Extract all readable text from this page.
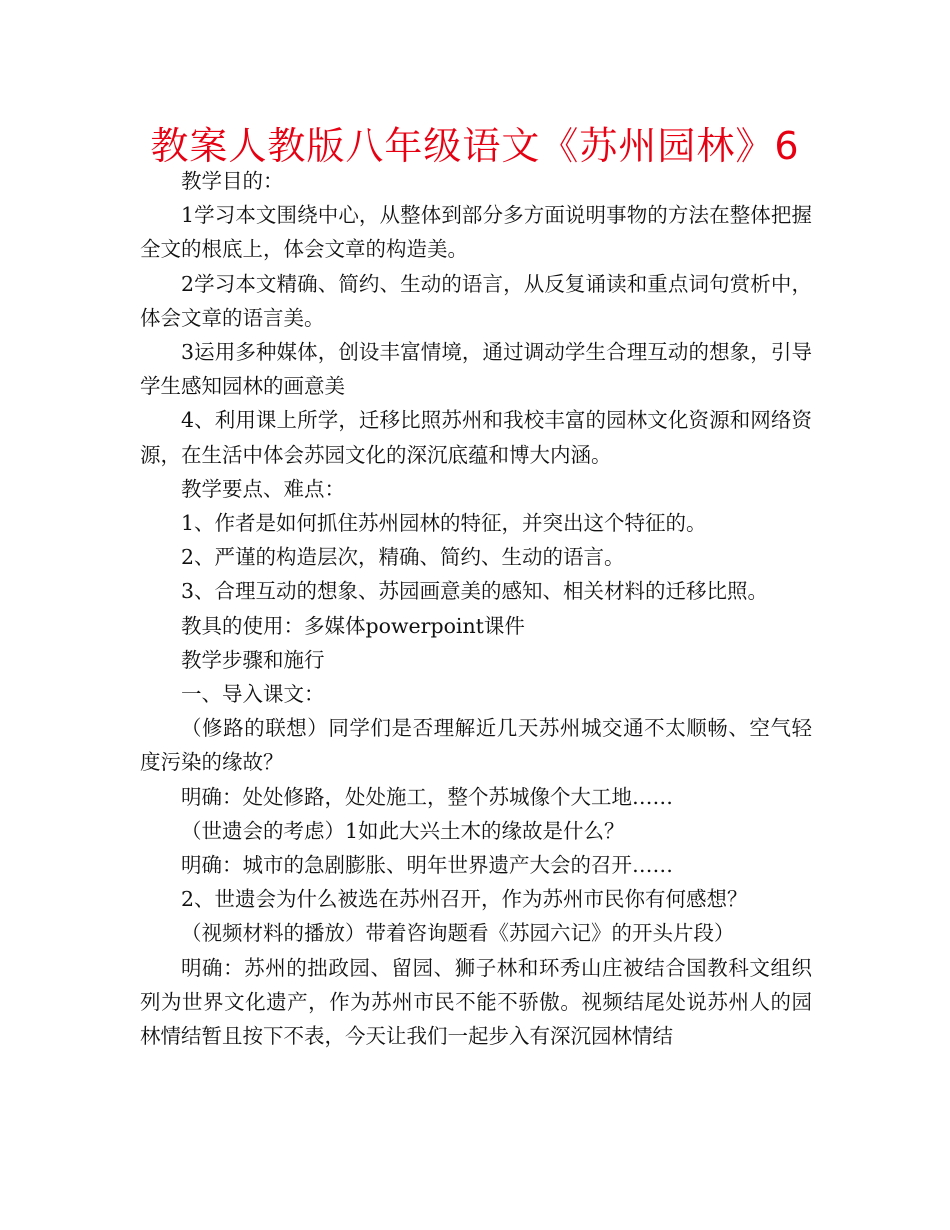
教案人教版八年级语文《苏州园林》6

教学目的：

1学习本文围绕中心，从整体到部分多方面说明事物的方法在整体把握全文的根底上，体会文章的构造美。

2学习本文精确、简约、生动的语言，从反复诵读和重点词句赏析中，体会文章的语言美。

3运用多种媒体，创设丰富情境，通过调动学生合理互动的想象，引导学生感知园林的画意美

4、利用课上所学，迁移比照苏州和我校丰富的园林文化资源和网络资源，在生活中体会苏园文化的深沉底蕴和博大内涵。

教学要点、难点：

1、作者是如何抓住苏州园林的特征，并突出这个特征的。

2、严谨的构造层次，精确、简约、生动的语言。

3、合理互动的想象、苏园画意美的感知、相关材料的迁移比照。

教具的使用：多媒体powerpoint课件

教学步骤和施行

一、导入课文：

（修路的联想）同学们是否理解近几天苏州城交通不太顺畅、空气轻度污染的缘故？

明确：处处修路，处处施工，整个苏城像个大工地……

（世遗会的考虑）1如此大兴土木的缘故是什么？

明确：城市的急剧膨胀、明年世界遗产大会的召开……

2、世遗会为什么被选在苏州召开，作为苏州市民你有何感想？

（视频材料的播放）带着咨询题看《苏园六记》的开头片段）

明确：苏州的拙政园、留园、狮子林和环秀山庄被结合国教科文组织列为世界文化遗产，作为苏州市民不能不骄傲。视频结尾处说苏州人的园林情结暂且按下不表，今天让我们一起步入有深沉园林情结
